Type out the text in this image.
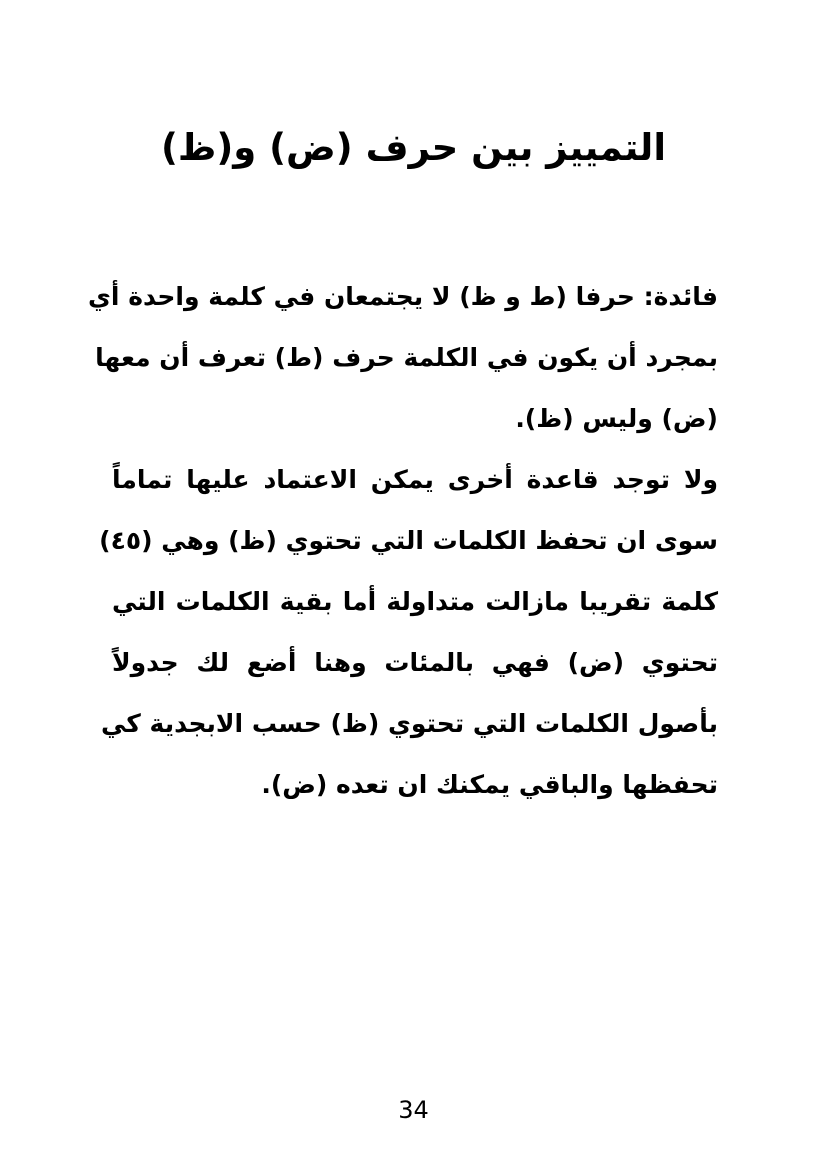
التمييز بين حرف (ض) و(ظ)

فائدة: حرفا (ط و ظ) لا يجتمعان في كلمة واحدة أي
بمجرد أن يكون في الكلمة حرف (ط) تعرف أن معها
(ض) وليس (ظ).

ولا توجد قاعدة أخرى يمكن الاعتماد عليها تماماً
سوى ان تحفظ الكلمات التي تحتوي (ظ) وهي (٤٥)
كلمة تقريبا مازالت متداولة أما بقية الكلمات التي
تحتوي (ض) فهي بالمئات وهنا أضع لك جدولاً
بأصول الكلمات التي تحتوي (ظ) حسب الابجدية كي
تحفظها والباقي يمكنك ان تعده (ض).

34
